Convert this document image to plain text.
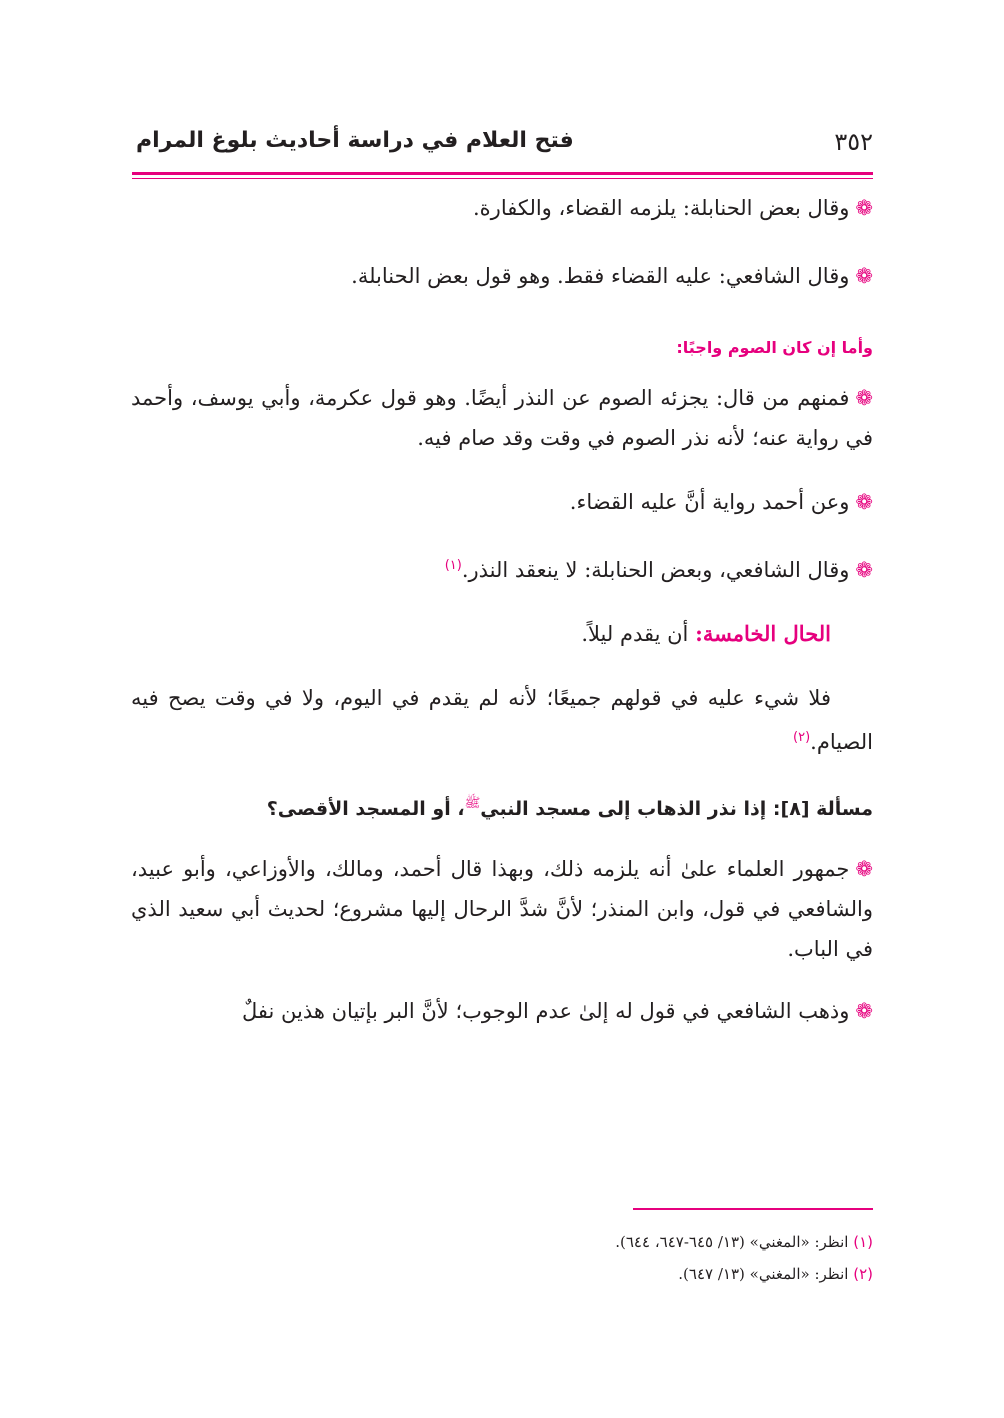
٣٥٢
فتح العلام في دراسة أحاديث بلوغ المرام

❁وقال بعض الحنابلة: يلزمه القضاء، والكفارة.

❁وقال الشافعي: عليه القضاء فقط. وهو قول بعض الحنابلة.

وأما إن كان الصوم واجبًا:

❁فمنهم من قال: يجزئه الصوم عن النذر أيضًا. وهو قول عكرمة، وأبي يوسف، وأحمد في رواية عنه؛ لأنه نذر الصوم في وقت وقد صام فيه.

❁وعن أحمد رواية أنَّ عليه القضاء.

❁وقال الشافعي، وبعض الحنابلة: لا ينعقد النذر.$^{(١)}$

الحال الخامسة: أن يقدم ليلاً.

فلا شيء عليه في قولهم جميعًا؛ لأنه لم يقدم في اليوم، ولا في وقت يصح فيه الصيام.$^{(٢)}$

مسألة [٨]: إذا نذر الذهاب إلى مسجد النبي$^ﷺ$، أو المسجد الأقصى؟

❁جمهور العلماء علىٰ أنه يلزمه ذلك، وبهذا قال أحمد، ومالك، والأوزاعي، وأبو عبيد، والشافعي في قول، وابن المنذر؛ لأنَّ شدَّ الرحال إليها مشروع؛ لحديث أبي سعيد الذي في الباب.

❁وذهب الشافعي في قول له إلىٰ عدم الوجوب؛ لأنَّ البر بإتيان هذين نفلٌ

(١) انظر: «المغني» (١٣/ ٦٤٥-٦٤٧، ٦٤٤).
(٢) انظر: «المغني» (١٣/ ٦٤٧).
